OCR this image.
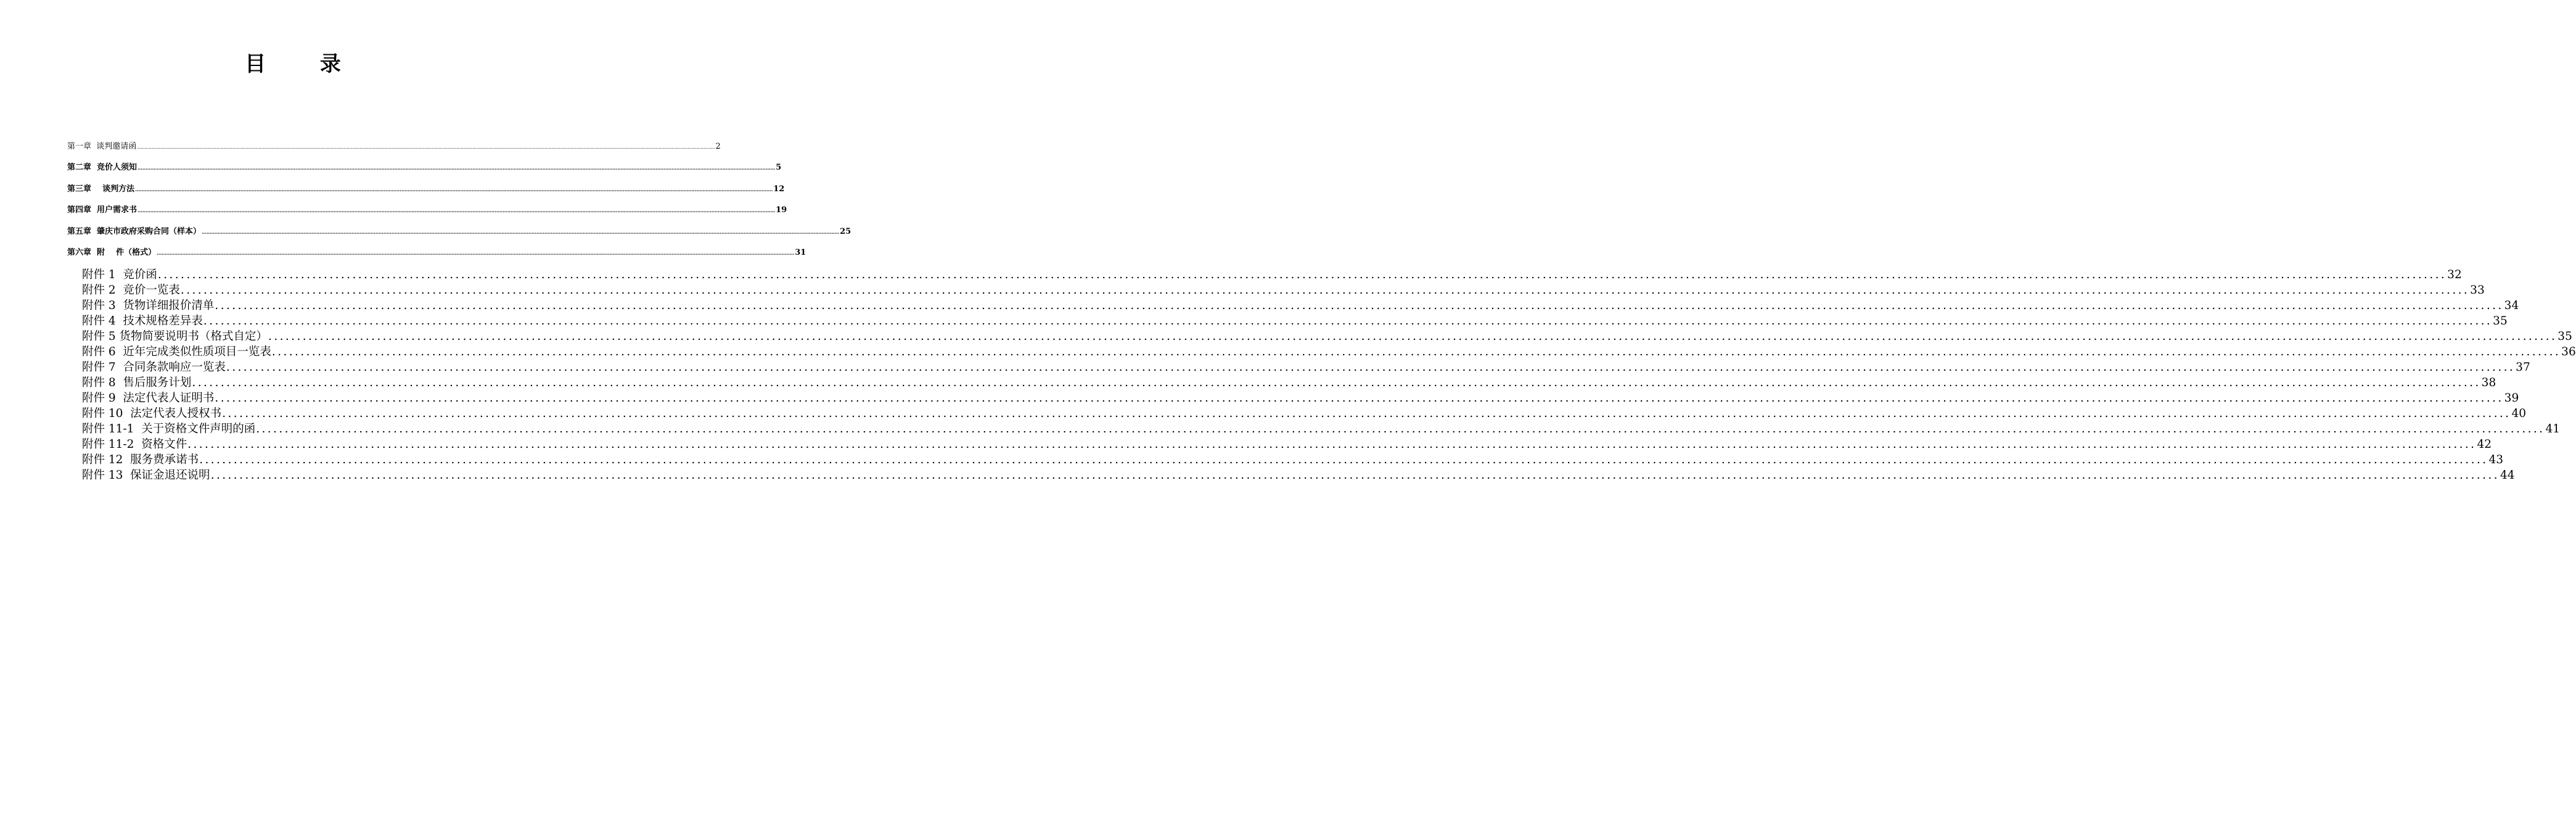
目 录
第一章  谈判邀请函 ................................................................................................................................................................................................................................................................................................................................................................................................................ 2
第二章  竞价人须知 ................................................................................................................................................................................................................................................................................................................................................................................................................ 5
第三章    谈判方法 ................................................................................................................................................................................................................................................................................................................................................................................................................ 12
第四章  用户需求书 ................................................................................................................................................................................................................................................................................................................................................................................................................ 19
第五章  肇庆市政府采购合同（样本） ................................................................................................................................................................................................................................................................................................................................................................................................................ 25
第六章  附    件（格式） ................................................................................................................................................................................................................................................................................................................................................................................................................ 31
附件 1  竞价函 ................................................................................................................................................................................................................................................................................................................................................................................................................ 32
附件 2  竞价一览表 ................................................................................................................................................................................................................................................................................................................................................................................................................ 33
附件 3  货物详细报价清单 ................................................................................................................................................................................................................................................................................................................................................................................................................ 34
附件 4  技术规格差异表 ................................................................................................................................................................................................................................................................................................................................................................................................................ 35
附件 5 货物简要说明书（格式自定） ................................................................................................................................................................................................................................................................................................................................................................................................................ 35
附件 6  近年完成类似性质项目一览表 ................................................................................................................................................................................................................................................................................................................................................................................................................ 36
附件 7  合同条款响应一览表 ................................................................................................................................................................................................................................................................................................................................................................................................................ 37
附件 8  售后服务计划 ................................................................................................................................................................................................................................................................................................................................................................................................................ 38
附件 9  法定代表人证明书 ................................................................................................................................................................................................................................................................................................................................................................................................................ 39
附件 10  法定代表人授权书 ................................................................................................................................................................................................................................................................................................................................................................................................................ 40
附件 11-1  关于资格文件声明的函 ................................................................................................................................................................................................................................................................................................................................................................................................................ 41
附件 11-2  资格文件 ................................................................................................................................................................................................................................................................................................................................................................................................................ 42
附件 12  服务费承诺书 ................................................................................................................................................................................................................................................................................................................................................................................................................ 43
附件 13  保证金退还说明 ................................................................................................................................................................................................................................................................................................................................................................................................................ 44
